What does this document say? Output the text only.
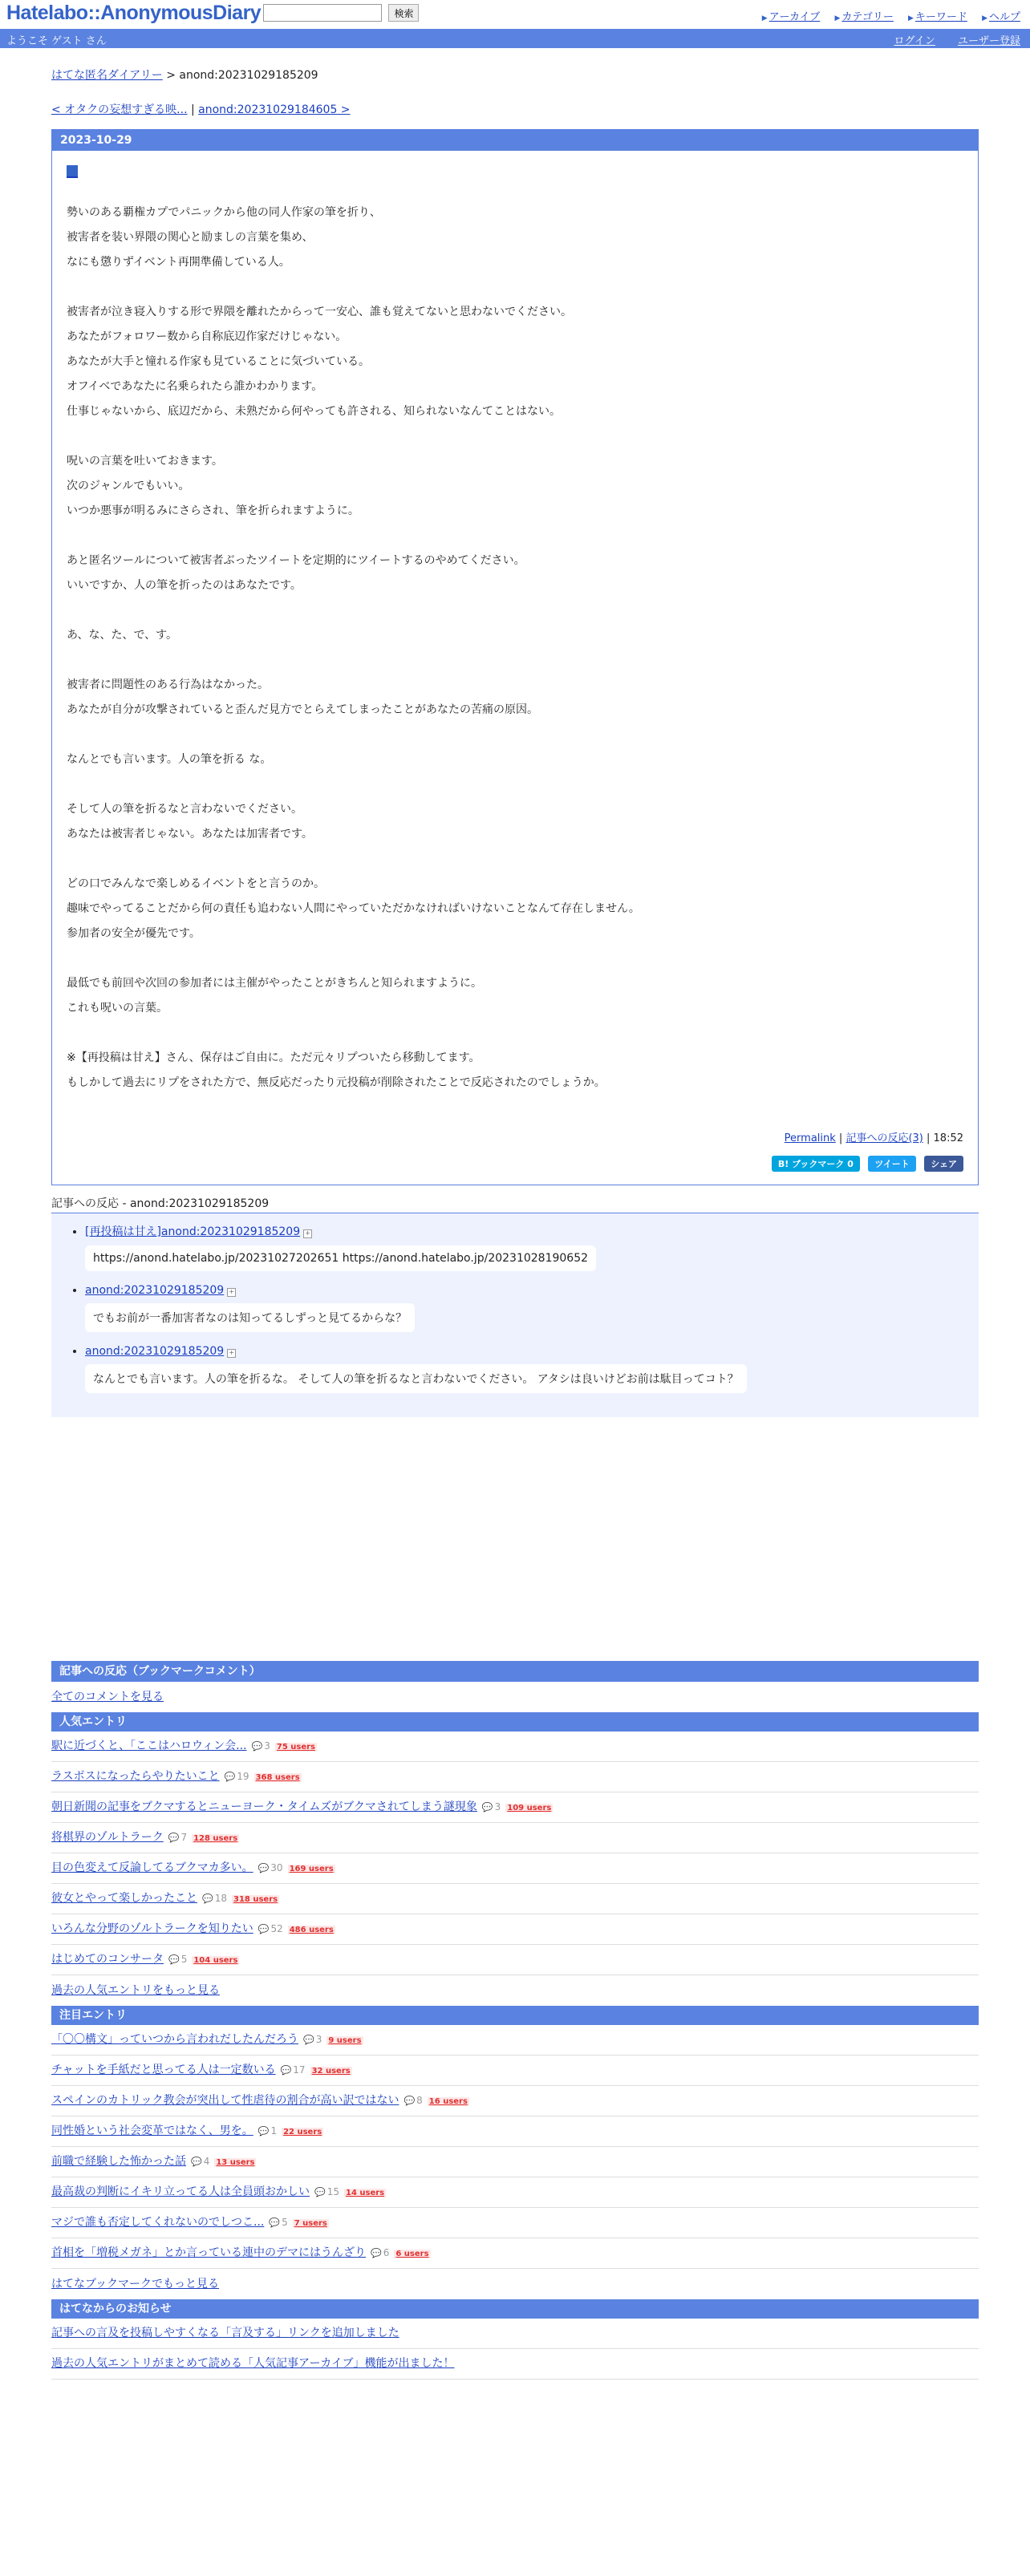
Hatelabo::AnonymousDiary	検索	▶ アーカイブ ▶ カテゴリー ▶ キーワード ▶ ヘルプ
ようこそ ゲスト さん	ログイン ユーザー登録
はてな匿名ダイアリー > anond:20231029185209
< オタクの妄想すぎる映... | anond:20231029184605 >
2023-10-29
勢いのある覇権カプでパニックから他の同人作家の筆を折り、
被害者を装い界隈の関心と励ましの言葉を集め、
なにも懲りずイベント再開準備している人。
被害者が泣き寝入りする形で界隈を離れたからって一安心、誰も覚えてないと思わないでください。
あなたがフォロワー数から自称底辺作家だけじゃない。
あなたが大手と憧れる作家も見ていることに気づいている。
オフイベであなたに名乗られたら誰かわかります。
仕事じゃないから、底辺だから、未熟だから何やっても許される、知られないなんてことはない。
呪いの言葉を吐いておきます。
次のジャンルでもいい。
いつか悪事が明るみにさらされ、筆を折られますように。
あと匿名ツールについて被害者ぶったツイートを定期的にツイートするのやめてください。
いいですか、人の筆を折ったのはあなたです。
あ、な、た、で、す。
被害者に問題性のある行為はなかった。
あなたが自分が攻撃されていると歪んだ見方でとらえてしまったことがあなたの苦痛の原因。
なんとでも言います。人の筆を折る な。
そして人の筆を折るなと言わないでください。
あなたは被害者じゃない。あなたは加害者です。
どの口でみんなで楽しめるイベントをと言うのか。
趣味でやってることだから何の責任も追わない人間にやっていただかなければいけないことなんて存在しません。
参加者の安全が優先です。
最低でも前回や次回の参加者には主催がやったことがきちんと知られますように。
これも呪いの言葉。
※【再投稿は甘え】さん、保存はご自由に。ただ元々リプついたら移動してます。
もしかして過去にリプをされた方で、無反応だったり元投稿が削除されたことで反応されたのでしょうか。
Permalink | 記事への反応(3) | 18:52
B! ブックマーク 0 ツイート シェア
記事への反応 - anond:20231029185209
• [再投稿は甘え]anond:20231029185209 +
https://anond.hatelabo.jp/20231027202651 https://anond.hatelabo.jp/20231028190652
• anond:20231029185209 +
でもお前が一番加害者なのは知ってるしずっと見てるからな？
• anond:20231029185209 +
なんとでも言います。人の筆を折るな。 そして人の筆を折るなと言わないでください。 アタシは良いけどお前は駄目ってコト？
記事への反応（ブックマークコメント）
全てのコメントを見る
人気エントリ
駅に近づくと、「ここはハロウィン会... 💬 3 75 users
ラスボスになったらやりたいこと 💬 19 368 users
朝日新聞の記事をブクマするとニューヨーク・タイムズがブクマされてしまう謎現象 💬 3 109 users
将棋界のゾルトラーク 💬 7 128 users
目の色変えて反論してるブクマカ多い。 💬 30 169 users
彼女とやって楽しかったこと 💬 18 318 users
いろんな分野のゾルトラークを知りたい 💬 52 486 users
はじめてのコンサータ 💬 5 104 users
過去の人気エントリをもっと見る
注目エントリ
「〇〇構文」っていつから言われだしたんだろう 💬 3 9 users
チャットを手紙だと思ってる人は一定数いる 💬 17 32 users
スペインのカトリック教会が突出して性虐待の割合が高い訳ではない 💬 8 16 users
同性婚という社会変革ではなく、男を。 💬 1 22 users
前職で経験した怖かった話 💬 4 13 users
最高裁の判断にイキリ立ってる人は全員頭おかしい 💬 15 14 users
マジで誰も否定してくれないのでしつこ... 💬 5 7 users
首相を「増税メガネ」とか言っている連中のデマにはうんざり 💬 6 6 users
はてなブックマークでもっと見る
はてなからのお知らせ
記事への言及を投稿しやすくなる「言及する」リンクを追加しました
過去の人気エントリがまとめて読める「人気記事アーカイブ」機能が出ました！
